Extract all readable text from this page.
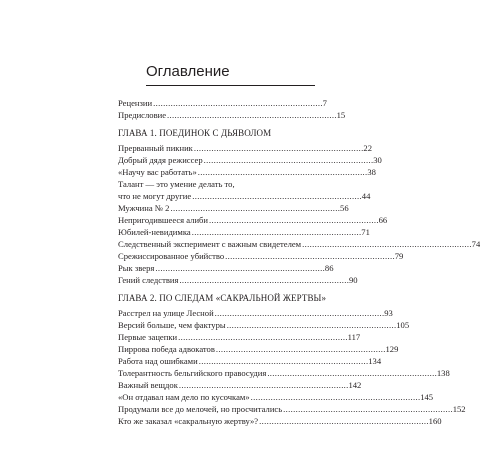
Оглавление
Рецензии . . .	7
Предисловие . . .	15
ГЛАВА 1. ПОЕДИНОК С ДЬЯВОЛОМ
Прерванный пикник . . .	22
Добрый дядя режиссер . . .	30
«Научу вас работать» . . .	38
Талант — это умение делать то,
что не могут другие . . .	44
Мужчина № 2 . . .	56
Непригодившееся алиби . . .	66
Юбилей-невидимка . . .	71
Следственный эксперимент с важным свидетелем . . .	74
Срежиссированное убийство . . .	79
Рык зверя . . .	86
Гений следствия . . .	90
ГЛАВА 2. ПО СЛЕДАМ «САКРАЛЬНОЙ ЖЕРТВЫ»
Расстрел на улице Лесной . . .	93
Версий больше, чем фактуры . . .	105
Первые зацепки . . .	117
Пиррова победа адвокатов . . .	129
Работа над ошибками . . .	134
Толерантность бельгийского правосудия . . .	138
Важный вещдок . . .	142
«Он отдавал нам дело по кусочкам» . . .	145
Продумали все до мелочей, но просчитались . . .	152
Кто же заказал «сакральную жертву»? . . .	160
